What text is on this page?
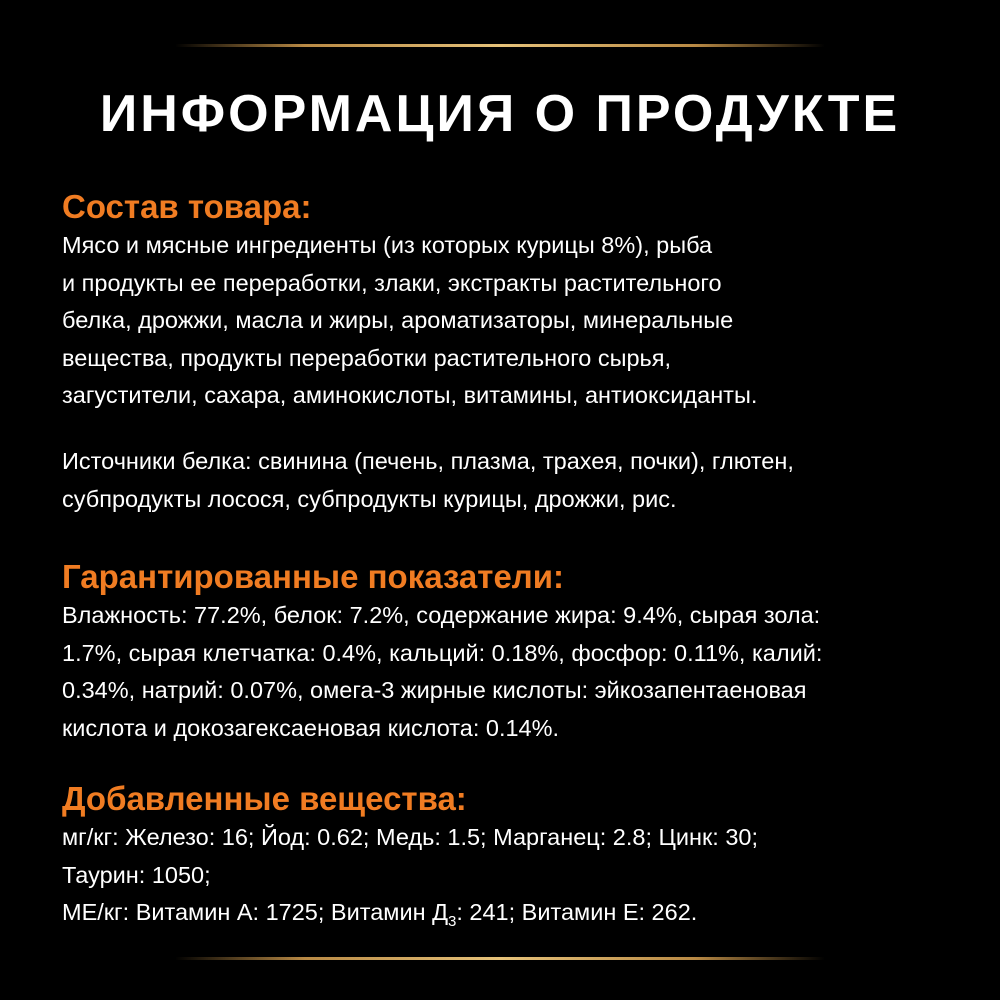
ИНФОРМАЦИЯ О ПРОДУКТЕ
Состав товара:
Мясо и мясные ингредиенты (из которых курицы 8%), рыба
и продукты ее переработки, злаки, экстракты растительного
белка, дрожжи, масла и жиры, ароматизаторы, минеральные
вещества, продукты переработки растительного сырья,
загустители, сахара, аминокислоты, витамины, антиоксиданты.
Источники белка: свинина (печень, плазма, трахея, почки), глютен,
субпродукты лосося, субпродукты курицы, дрожжи, рис.
Гарантированные показатели:
Влажность: 77.2%, белок: 7.2%, содержание жира: 9.4%, сырая зола:
1.7%, сырая клетчатка: 0.4%, кальций: 0.18%, фосфор: 0.11%, калий:
0.34%, натрий: 0.07%, омега-3 жирные кислоты: эйкозапентаеновая
кислота и докозагексаеновая кислота: 0.14%.
Добавленные вещества:
мг/кг: Железо: 16; Йод: 0.62; Медь: 1.5; Марганец: 2.8; Цинк: 30;
Таурин: 1050;
МЕ/кг: Витамин А: 1725; Витамин $Д_3$: 241; Витамин Е: 262.
